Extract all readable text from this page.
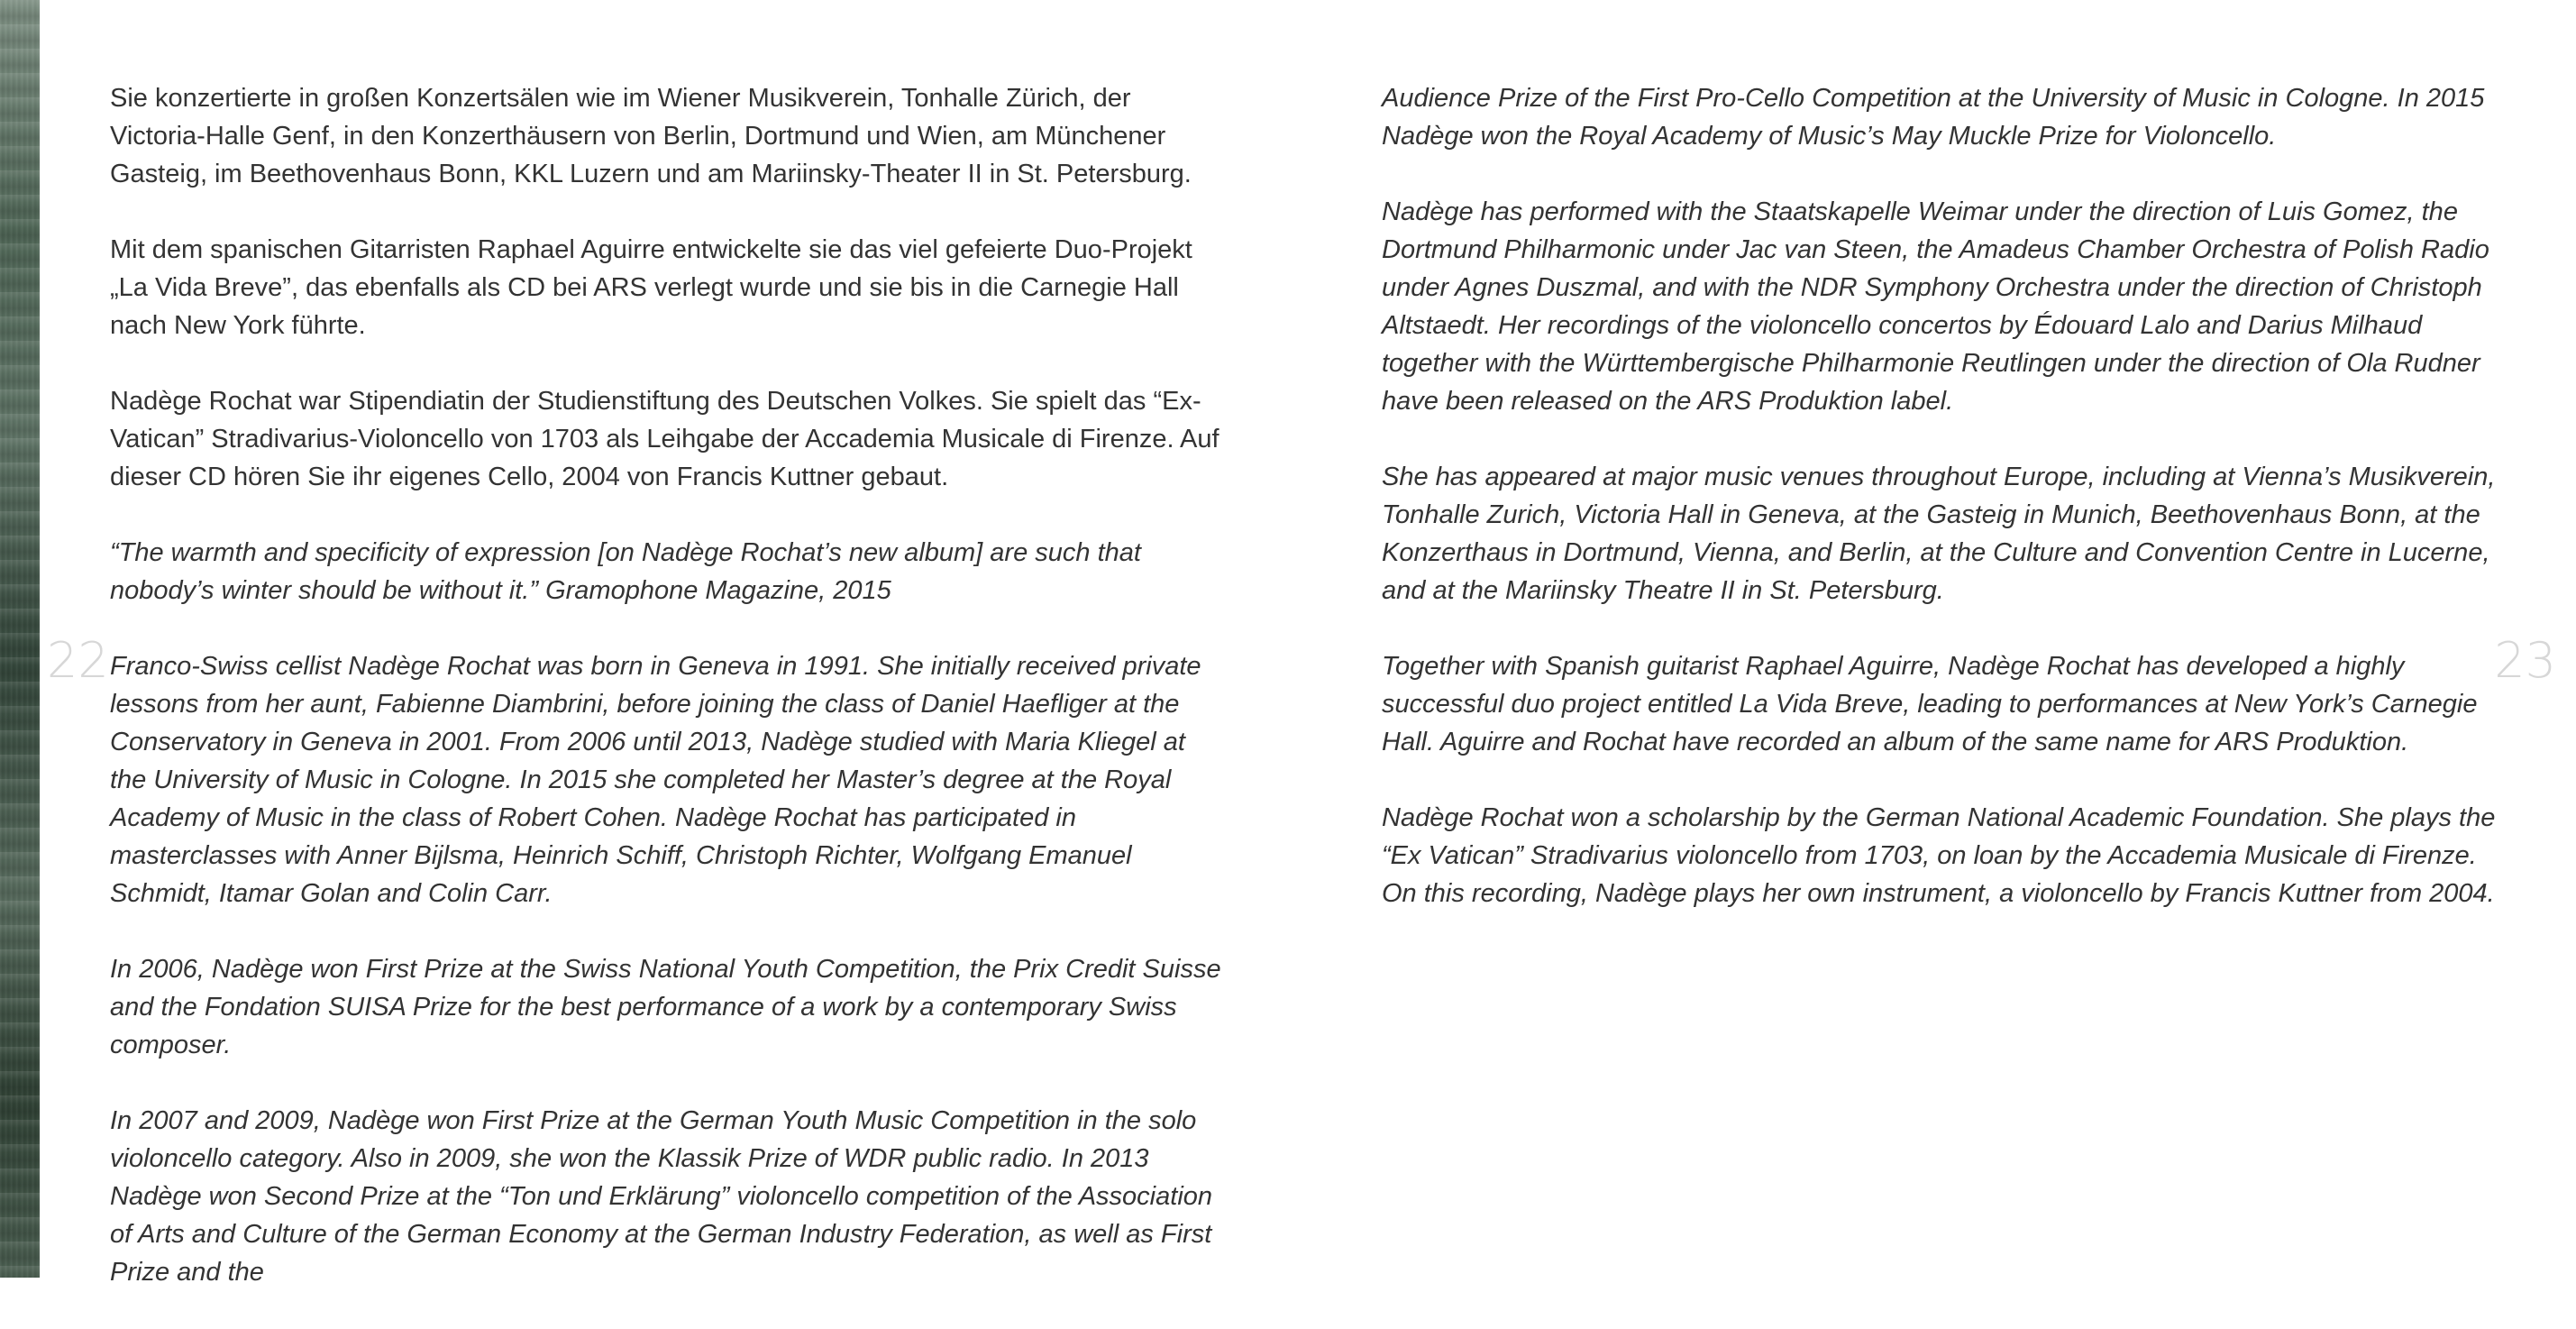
22

Sie konzertierte in großen Konzertsälen wie im Wiener Musikverein, Tonhalle Zürich, der Victoria-Halle Genf, in den Konzerthäusern von Berlin, Dortmund und Wien, am Münchener Gasteig, im Beethovenhaus Bonn, KKL Luzern und am Mariinsky-Theater II in St. Petersburg.

Mit dem spanischen Gitarristen Raphael Aguirre entwickelte sie das viel gefeierte Duo-Projekt „La Vida Breve”, das ebenfalls als CD bei ARS verlegt wurde und sie bis in die Carnegie Hall nach New York führte.

Nadège Rochat war Stipendiatin der Studienstiftung des Deutschen Volkes. Sie spielt das “Ex-Vatican” Stradivarius-Violoncello von 1703 als Leihgabe der Accademia Musicale di Firenze. Auf dieser CD hören Sie ihr eigenes Cello, 2004 von Francis Kuttner gebaut.

“The warmth and specificity of expression [on Nadège Rochat’s new album] are such that nobody’s winter should be without it.” Gramophone Magazine, 2015

Franco-Swiss cellist Nadège Rochat was born in Geneva in 1991. She initially received private lessons from her aunt, Fabienne Diambrini, before joining the class of Daniel Haefliger at the Conservatory in Geneva in 2001. From 2006 until 2013, Nadège studied with Maria Kliegel at the University of Music in Cologne. In 2015 she completed her Master’s degree at the Royal Academy of Music in the class of Robert Cohen. Nadège Rochat has participated in masterclasses with Anner Bijlsma, Heinrich Schiff, Christoph Richter, Wolfgang Emanuel Schmidt, Itamar Golan and Colin Carr.

In 2006, Nadège won First Prize at the Swiss National Youth Competition, the Prix Credit Suisse and the Fondation SUISA Prize for the best performance of a work by a contemporary Swiss composer.

In 2007 and 2009, Nadège won First Prize at the German Youth Music Competition in the solo violoncello category. Also in 2009, she won the Klassik Prize of WDR public radio. In 2013 Nadège won Second Prize at the “Ton und Erklärung” violoncello competition of the Association of Arts and Culture of the German Economy at the German Industry Federation, as well as First Prize and the

23

Audience Prize of the First Pro-Cello Competition at the University of Music in Cologne. In 2015 Nadège won the Royal Academy of Music’s May Muckle Prize for Violoncello.

Nadège has performed with the Staatskapelle Weimar under the direction of Luis Gomez, the Dortmund Philharmonic under Jac van Steen, the Amadeus Chamber Orchestra of Polish Radio under Agnes Duszmal, and with the NDR Symphony Orchestra under the direction of Christoph Altstaedt. Her recordings of the violoncello concertos by Édouard Lalo and Darius Milhaud together with the Württembergische Philharmonie Reutlingen under the direction of Ola Rudner have been released on the ARS Produktion label.

She has appeared at major music venues throughout Europe, including at Vienna’s Musikverein, Tonhalle Zurich, Victoria Hall in Geneva, at the Gasteig in Munich, Beethovenhaus Bonn, at the Konzerthaus in Dortmund, Vienna, and Berlin, at the Culture and Convention Centre in Lucerne, and at the Mariinsky Theatre II in St. Petersburg.

Together with Spanish guitarist Raphael Aguirre, Nadège Rochat has developed a highly successful duo project entitled La Vida Breve, leading to performances at New York’s Carnegie Hall. Aguirre and Rochat have recorded an album of the same name for ARS Produktion.

Nadège Rochat won a scholarship by the German National Academic Foundation. She plays the “Ex Vatican” Stradivarius violoncello from 1703, on loan by the Accademia Musicale di Firenze. On this recording, Nadège plays her own instrument, a violoncello by Francis Kuttner from 2004.
